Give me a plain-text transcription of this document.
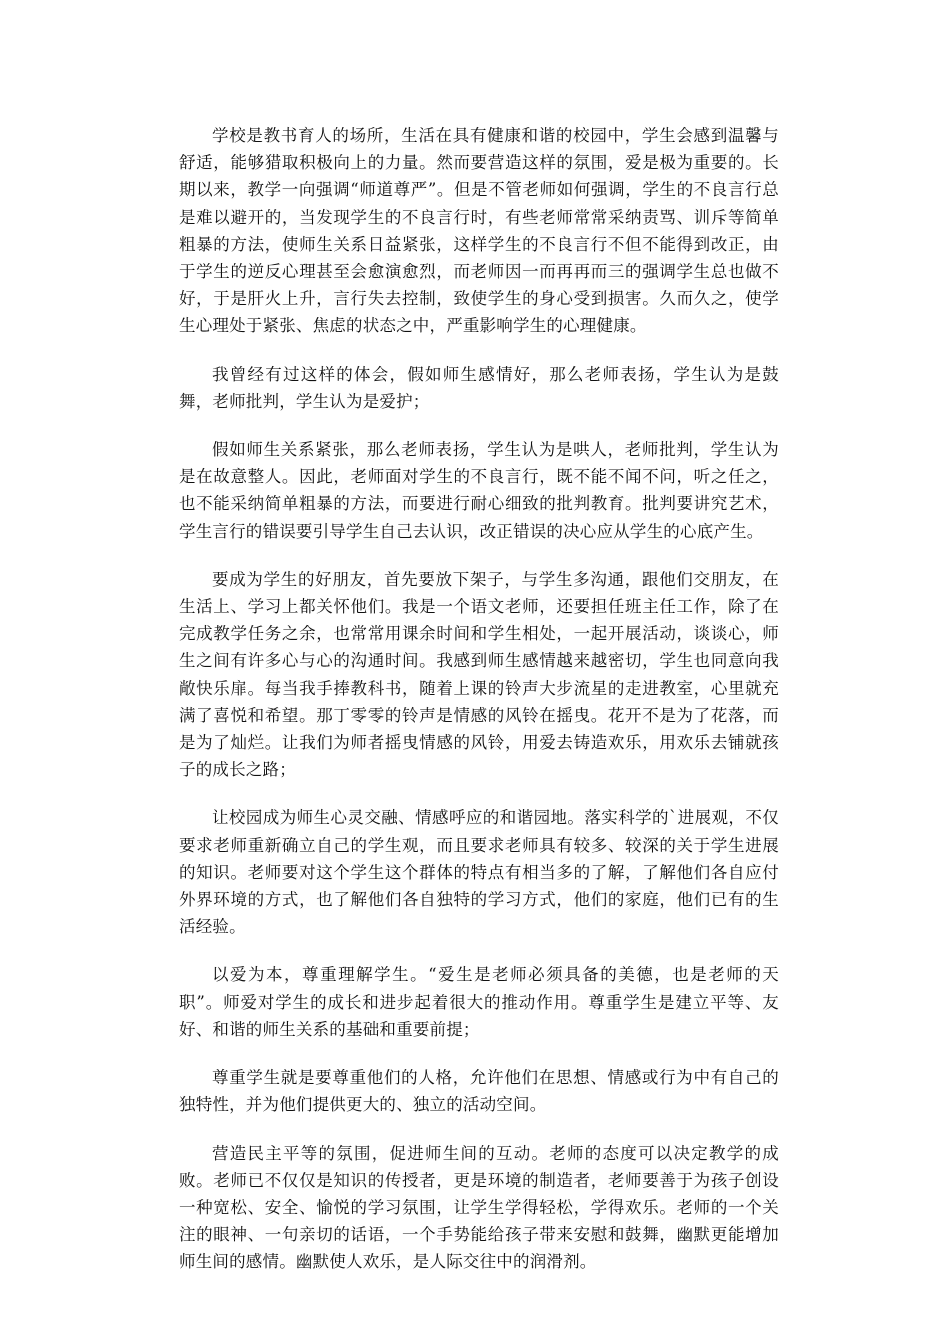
学校是教书育人的场所，生活在具有健康和谐的校园中，学生会感到温馨与舒适，能够猎取积极向上的力量。然而要营造这样的氛围，爱是极为重要的。长期以来，教学一向强调“师道尊严”。但是不管老师如何强调，学生的不良言行总是难以避开的，当发现学生的不良言行时，有些老师常常采纳责骂、训斥等简单粗暴的方法，使师生关系日益紧张，这样学生的不良言行不但不能得到改正，由于学生的逆反心理甚至会愈演愈烈，而老师因一而再再而三的强调学生总也做不好，于是肝火上升，言行失去控制，致使学生的身心受到损害。久而久之，使学生心理处于紧张、焦虑的状态之中，严重影响学生的心理健康。

我曾经有过这样的体会，假如师生感情好，那么老师表扬，学生认为是鼓舞，老师批判，学生认为是爱护；

假如师生关系紧张，那么老师表扬，学生认为是哄人，老师批判，学生认为是在故意整人。因此，老师面对学生的不良言行，既不能不闻不问，听之任之，也不能采纳简单粗暴的方法，而要进行耐心细致的批判教育。批判要讲究艺术，学生言行的错误要引导学生自己去认识，改正错误的决心应从学生的心底产生。

要成为学生的好朋友，首先要放下架子，与学生多沟通，跟他们交朋友，在生活上、学习上都关怀他们。我是一个语文老师，还要担任班主任工作，除了在完成教学任务之余，也常常用课余时间和学生相处，一起开展活动，谈谈心，师生之间有许多心与心的沟通时间。我感到师生感情越来越密切，学生也同意向我敞快乐扉。每当我手捧教科书，随着上课的铃声大步流星的走进教室，心里就充满了喜悦和希望。那丁零零的铃声是情感的风铃在摇曳。花开不是为了花落，而是为了灿烂。让我们为师者摇曳情感的风铃，用爱去铸造欢乐，用欢乐去铺就孩子的成长之路；

让校园成为师生心灵交融、情感呼应的和谐园地。落实科学的`进展观，不仅要求老师重新确立自己的学生观，而且要求老师具有较多、较深的关于学生进展的知识。老师要对这个学生这个群体的特点有相当多的了解，了解他们各自应付外界环境的方式，也了解他们各自独特的学习方式，他们的家庭，他们已有的生活经验。

以爱为本，尊重理解学生。“爱生是老师必须具备的美德，也是老师的天职”。师爱对学生的成长和进步起着很大的推动作用。尊重学生是建立平等、友好、和谐的师生关系的基础和重要前提；

尊重学生就是要尊重他们的人格，允许他们在思想、情感或行为中有自己的独特性，并为他们提供更大的、独立的活动空间。

营造民主平等的氛围，促进师生间的互动。老师的态度可以决定教学的成败。老师已不仅仅是知识的传授者，更是环境的制造者，老师要善于为孩子创设一种宽松、安全、愉悦的学习氛围，让学生学得轻松，学得欢乐。老师的一个关注的眼神、一句亲切的话语，一个手势能给孩子带来安慰和鼓舞，幽默更能增加师生间的感情。幽默使人欢乐，是人际交往中的润滑剂。
